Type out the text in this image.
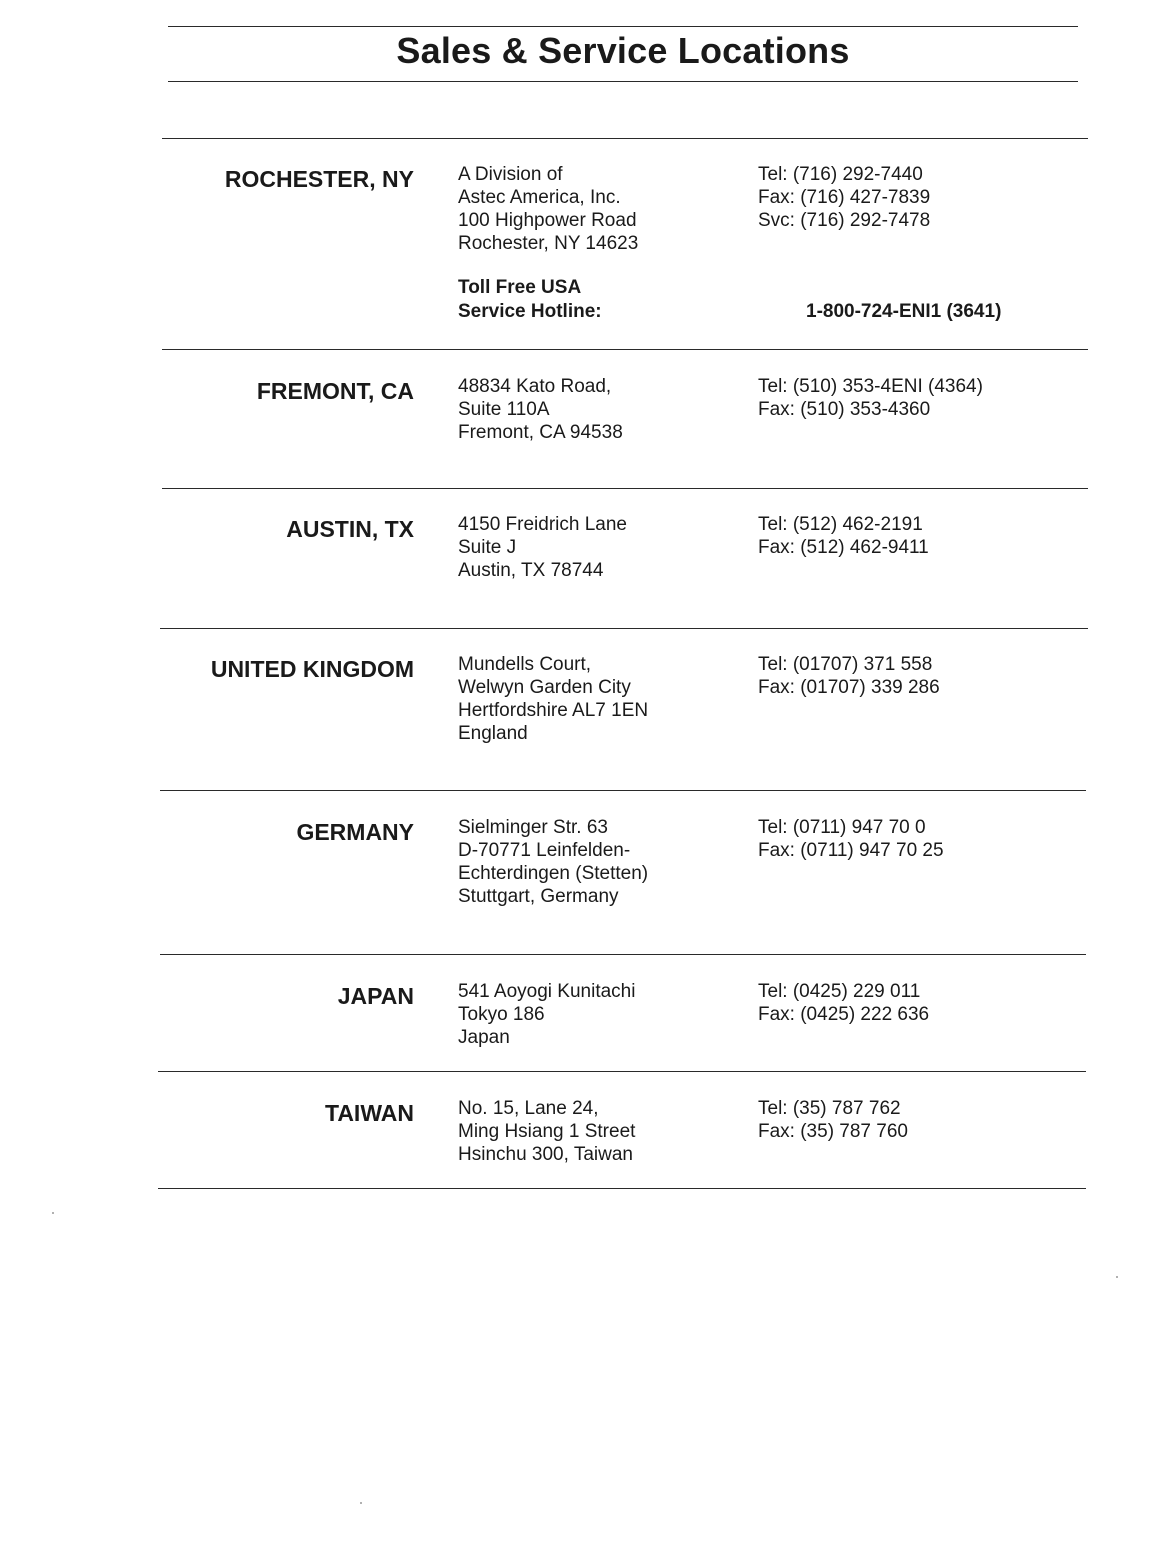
Sales & Service Locations
ROCHESTER, NY A Division of
Astec America, Inc.
100 Highpower Road
Rochester, NY 14623
Tel: (716) 292-7440
Fax: (716) 427-7839
Svc: (716) 292-7478
Toll Free USA
Service Hotline:	1-800-724-ENI1 (3641)
FREMONT, CA 48834 Kato Road,
Suite 110A
Fremont, CA 94538
Tel: (510) 353-4ENI (4364)
Fax: (510) 353-4360
AUSTIN, TX 4150 Freidrich Lane
Suite J
Austin, TX 78744
Tel: (512) 462-2191
Fax: (512) 462-9411
UNITED KINGDOM Mundells Court,
Welwyn Garden City
Hertfordshire AL7 1EN
England
Tel: (01707) 371 558
Fax: (01707) 339 286
GERMANY Sielminger Str. 63
D-70771 Leinfelden-
Echterdingen (Stetten)
Stuttgart, Germany
Tel: (0711) 947 70 0
Fax: (0711) 947 70 25
JAPAN 541 Aoyogi Kunitachi
Tokyo 186
Japan
Tel: (0425) 229 011
Fax: (0425) 222 636
TAIWAN No. 15, Lane 24,
Ming Hsiang 1 Street
Hsinchu 300, Taiwan
Tel: (35) 787 762
Fax: (35) 787 760
